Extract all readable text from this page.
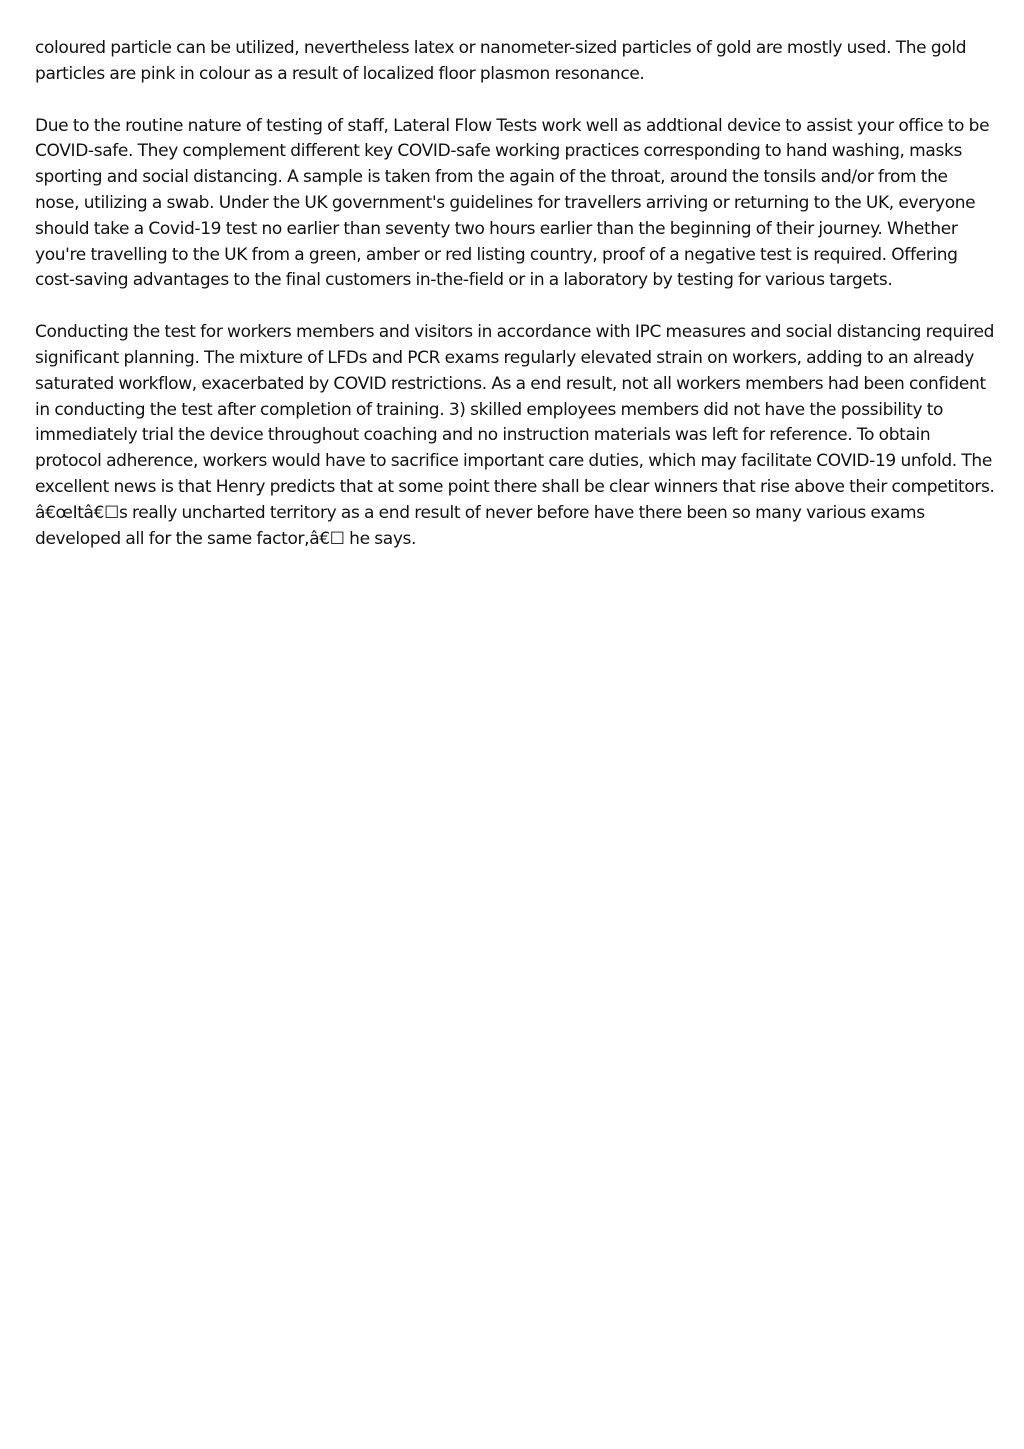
coloured particle can be utilized, nevertheless latex or nanometer-sized particles of gold are mostly used. The gold particles are pink in colour as a result of localized floor plasmon resonance.

Due to the routine nature of testing of staff, Lateral Flow Tests work well as addtional device to assist your office to be COVID-safe. They complement different key COVID-safe working practices corresponding to hand washing, masks sporting and social distancing. A sample is taken from the again of the throat, around the tonsils and/or from the nose, utilizing a swab. Under the UK government's guidelines for travellers arriving or returning to the UK, everyone should take a Covid-19 test no earlier than seventy two hours earlier than the beginning of their journey. Whether you're travelling to the UK from a green, amber or red listing country, proof of a negative test is required. Offering cost-saving advantages to the final customers in-the-field or in a laboratory by testing for various targets.

Conducting the test for workers members and visitors in accordance with IPC measures and social distancing required significant planning. The mixture of LFDs and PCR exams regularly elevated strain on workers, adding to an already saturated workflow, exacerbated by COVID restrictions. As a end result, not all workers members had been confident in conducting the test after completion of training. 3) skilled employees members did not have the possibility to immediately trial the device throughout coaching and no instruction materials was left for reference. To obtain protocol adherence, workers would have to sacrifice important care duties, which may facilitate COVID-19 unfold. The excellent news is that Henry predicts that at some point there shall be clear winners that rise above their competitors. â€œItâ€☐s really uncharted territory as a end result of never before have there been so many various exams developed all for the same factor,â€☐ he says.
